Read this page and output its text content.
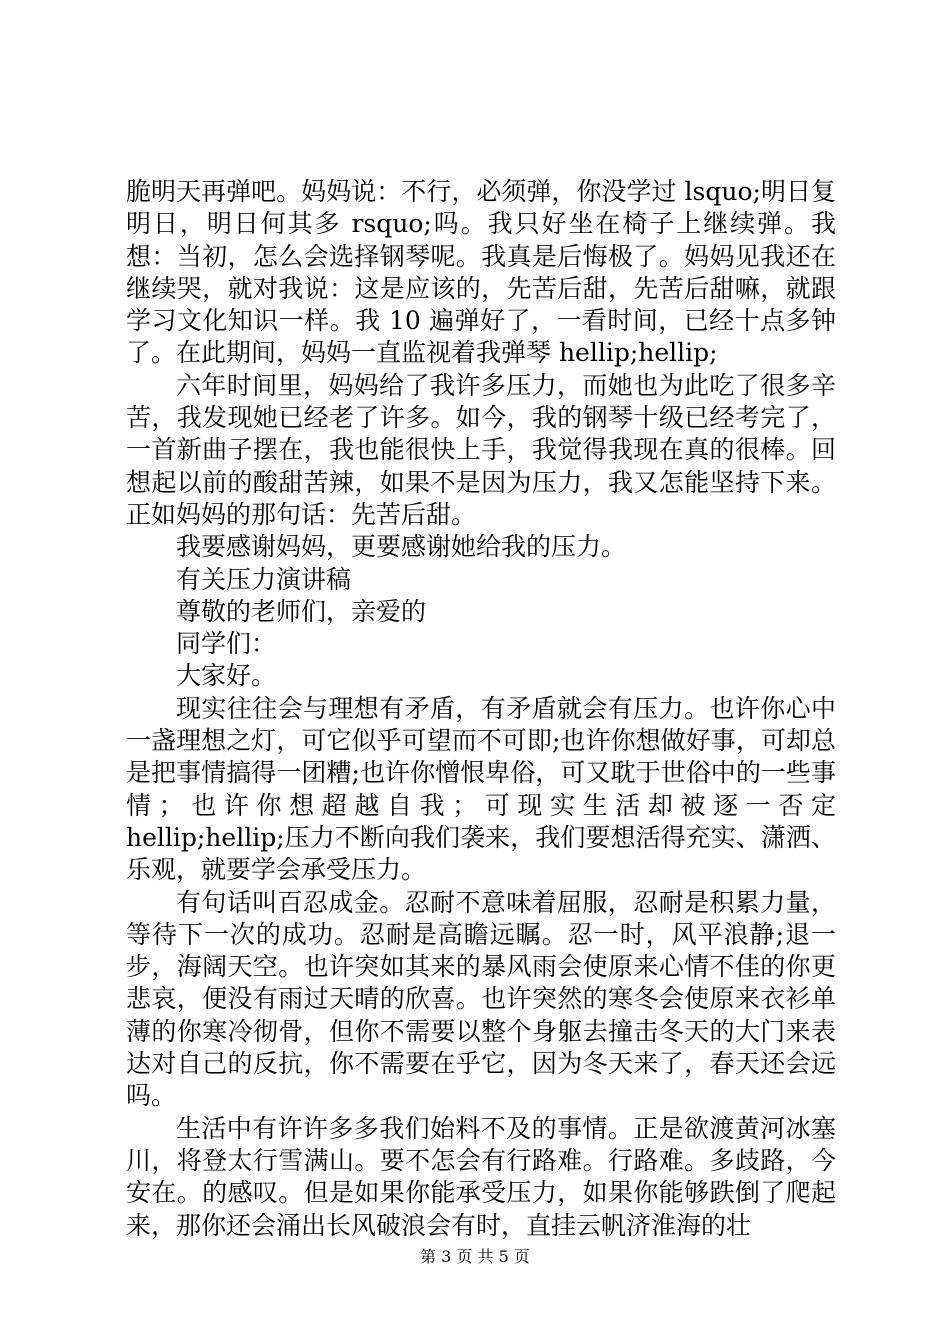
脆明天再弹吧。妈妈说：不行，必须弹，你没学过 lsquo;明日复明日，明日何其多 rsquo;吗。我只好坐在椅子上继续弹。我想：当初，怎么会选择钢琴呢。我真是后悔极了。妈妈见我还在继续哭，就对我说：这是应该的，先苦后甜，先苦后甜嘛，就跟学习文化知识一样。我 10 遍弹好了，一看时间，已经十点多钟了。在此期间，妈妈一直监视着我弹琴 hellip;hellip;

六年时间里，妈妈给了我许多压力，而她也为此吃了很多辛苦，我发现她已经老了许多。如今，我的钢琴十级已经考完了，一首新曲子摆在，我也能很快上手，我觉得我现在真的很棒。回想起以前的酸甜苦辣，如果不是因为压力，我又怎能坚持下来。正如妈妈的那句话：先苦后甜。

我要感谢妈妈，更要感谢她给我的压力。

有关压力演讲稿

尊敬的老师们，亲爱的

同学们：

大家好。

现实往往会与理想有矛盾，有矛盾就会有压力。也许你心中一盏理想之灯，可它似乎可望而不可即;也许你想做好事，可却总是把事情搞得一团糟;也许你憎恨卑俗，可又耽于世俗中的一些事情；也许你想超越自我；可现实生活却被逐一否定 hellip;hellip;压力不断向我们袭来，我们要想活得充实、潇洒、乐观，就要学会承受压力。

有句话叫百忍成金。忍耐不意味着屈服，忍耐是积累力量，等待下一次的成功。忍耐是高瞻远瞩。忍一时，风平浪静;退一步，海阔天空。也许突如其来的暴风雨会使原来心情不佳的你更悲哀，便没有雨过天晴的欣喜。也许突然的寒冬会使原来衣衫单薄的你寒冷彻骨，但你不需要以整个身躯去撞击冬天的大门来表达对自己的反抗，你不需要在乎它，因为冬天来了，春天还会远吗。

生活中有许许多多我们始料不及的事情。正是欲渡黄河冰塞川，将登太行雪满山。要不怎会有行路难。行路难。多歧路，今安在。的感叹。但是如果你能承受压力，如果你能够跌倒了爬起来，那你还会涌出长风破浪会有时，直挂云帆济淮海的壮

第 3 页 共 5 页
